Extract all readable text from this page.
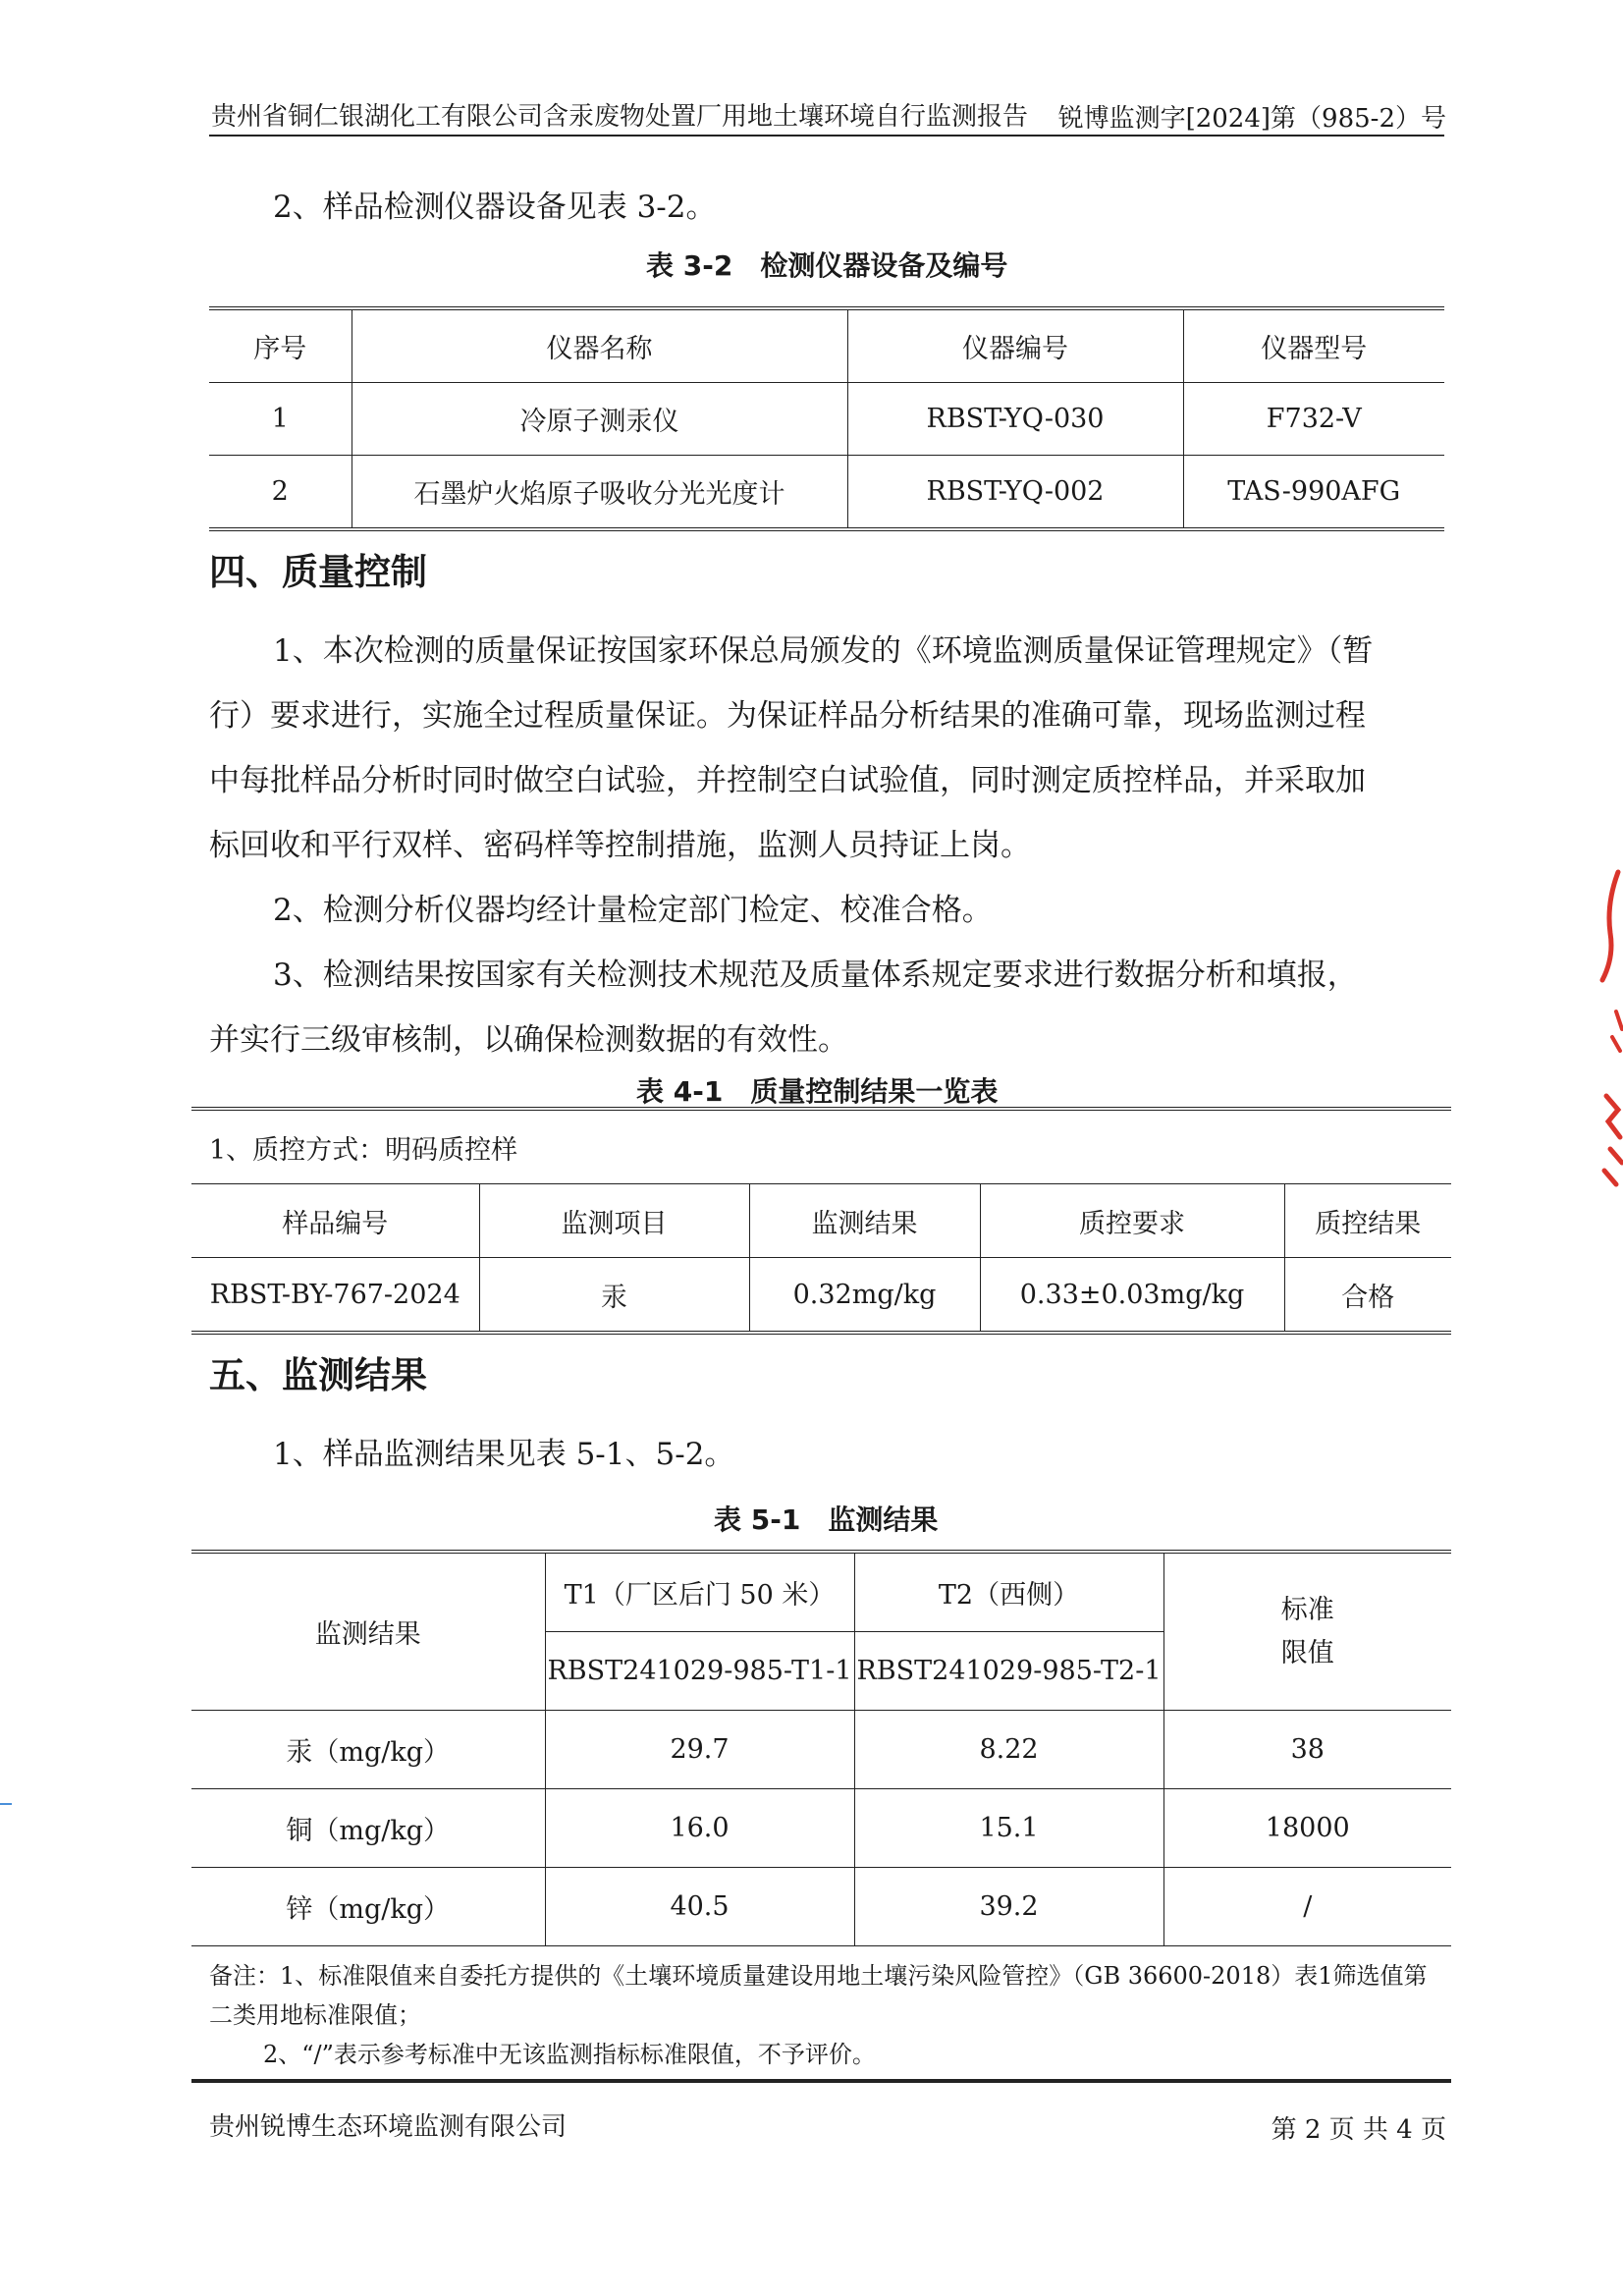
贵州省铜仁银湖化工有限公司含汞废物处置厂用地土壤环境自行监测报告 锐博监测字[2024]第（985-2）号
2、样品检测仪器设备见表 3-2。
表 3-2　检测仪器设备及编号
序号	仪器名称	仪器编号	仪器型号
1	冷原子测汞仪	RBST-YQ-030	F732-V
2	石墨炉火焰原子吸收分光光度计	RBST-YQ-002	TAS-990AFG
四、质量控制
1、本次检测的质量保证按国家环保总局颁发的《环境监测质量保证管理规定》（暂
行）要求进行，实施全过程质量保证。为保证样品分析结果的准确可靠，现场监测过程
中每批样品分析时同时做空白试验，并控制空白试验值，同时测定质控样品，并采取加
标回收和平行双样、密码样等控制措施，监测人员持证上岗。
2、检测分析仪器均经计量检定部门检定、校准合格。
3、检测结果按国家有关检测技术规范及质量体系规定要求进行数据分析和填报，
并实行三级审核制，以确保检测数据的有效性。
表 4-1　质量控制结果一览表
1、质控方式：明码质控样				
样品编号	监测项目	监测结果	质控要求	质控结果
RBST-BY-767-2024	汞	0.32mg/kg	0.33±0.03mg/kg	合格
五、监测结果
1、样品监测结果见表 5-1、5-2。
表 5-1　监测结果
监测结果	T1（厂区后门 50 米）	T2（西侧）	标准
限值

	RBST241029-985-T1-1	RBST241029-985-T2-1	
汞（mg/kg）	29.7	8.22	38
铜（mg/kg）	16.0	15.1	18000
锌（mg/kg）	40.5	39.2	/

备注：1、标准限值来自委托方提供的《土壤环境质量建设用地土壤污染风险管控》（GB 36600-2018）表1筛选值第
二类用地标准限值；
2、“/”表示参考标准中无该监测指标标准限值，不予评价。			
贵州锐博生态环境监测有限公司	第 2 页 共 4 页
